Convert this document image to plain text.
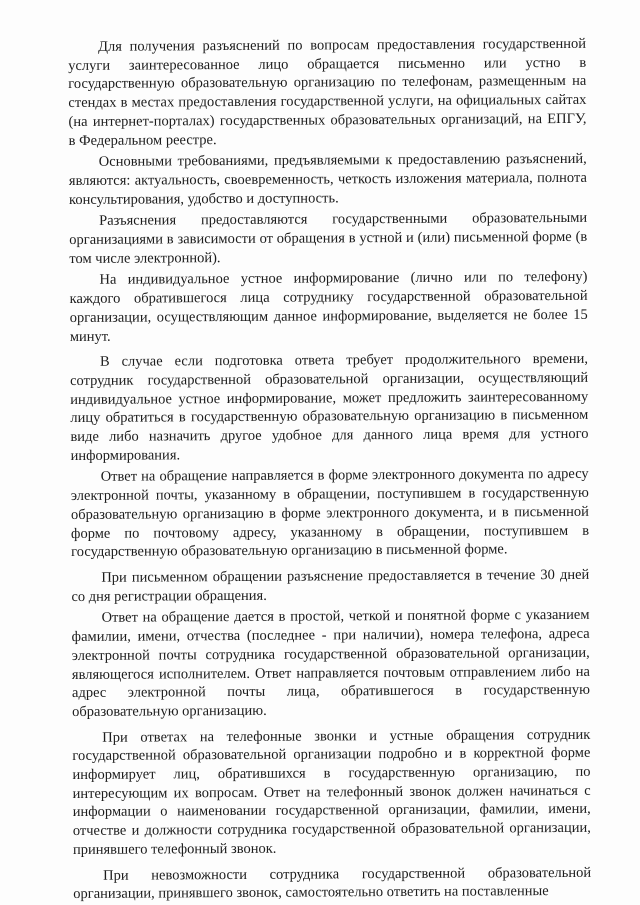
Для получения разъяснений по вопросам предоставления государственной услуги заинтересованное лицо обращается письменно или устно в государственную образовательную организацию по телефонам, размещенным на стендах в местах предоставления государственной услуги, на официальных сайтах (на интернет-порталах) государственных образовательных организаций, на ЕПГУ, в Федеральном реестре.

Основными требованиями, предъявляемыми к предоставлению разъяснений, являются: актуальность, своевременность, четкость изложения материала, полнота консультирования, удобство и доступность.

Разъяснения предоставляются государственными образовательными организациями в зависимости от обращения в устной и (или) письменной форме (в том числе электронной).

На индивидуальное устное информирование (лично или по телефону) каждого обратившегося лица сотруднику государственной образовательной организации, осуществляющим данное информирование, выделяется не более 15 минут.

В случае если подготовка ответа требует продолжительного времени, сотрудник государственной образовательной организации, осуществляющий индивидуальное устное информирование, может предложить заинтересованному лицу обратиться в государственную образовательную организацию в письменном виде либо назначить другое удобное для данного лица время для устного информирования.

Ответ на обращение направляется в форме электронного документа по адресу электронной почты, указанному в обращении, поступившем в государственную образовательную организацию в форме электронного документа, и в письменной форме по почтовому адресу, указанному в обращении, поступившем в государственную образовательную организацию в письменной форме.

При письменном обращении разъяснение предоставляется в течение 30 дней со дня регистрации обращения.

Ответ на обращение дается в простой, четкой и понятной форме с указанием фамилии, имени, отчества (последнее - при наличии), номера телефона, адреса электронной почты сотрудника государственной образовательной организации, являющегося исполнителем. Ответ направляется почтовым отправлением либо на адрес электронной почты лица, обратившегося в государственную образовательную организацию.

При ответах на телефонные звонки и устные обращения сотрудник государственной образовательной организации подробно и в корректной форме информирует лиц, обратившихся в государственную организацию, по интересующим их вопросам. Ответ на телефонный звонок должен начинаться с информации о наименовании государственной организации, фамилии, имени, отчестве и должности сотрудника государственной образовательной организации, принявшего телефонный звонок.

При невозможности сотрудника государственной образовательной организации, принявшего звонок, самостоятельно ответить на поставленные
